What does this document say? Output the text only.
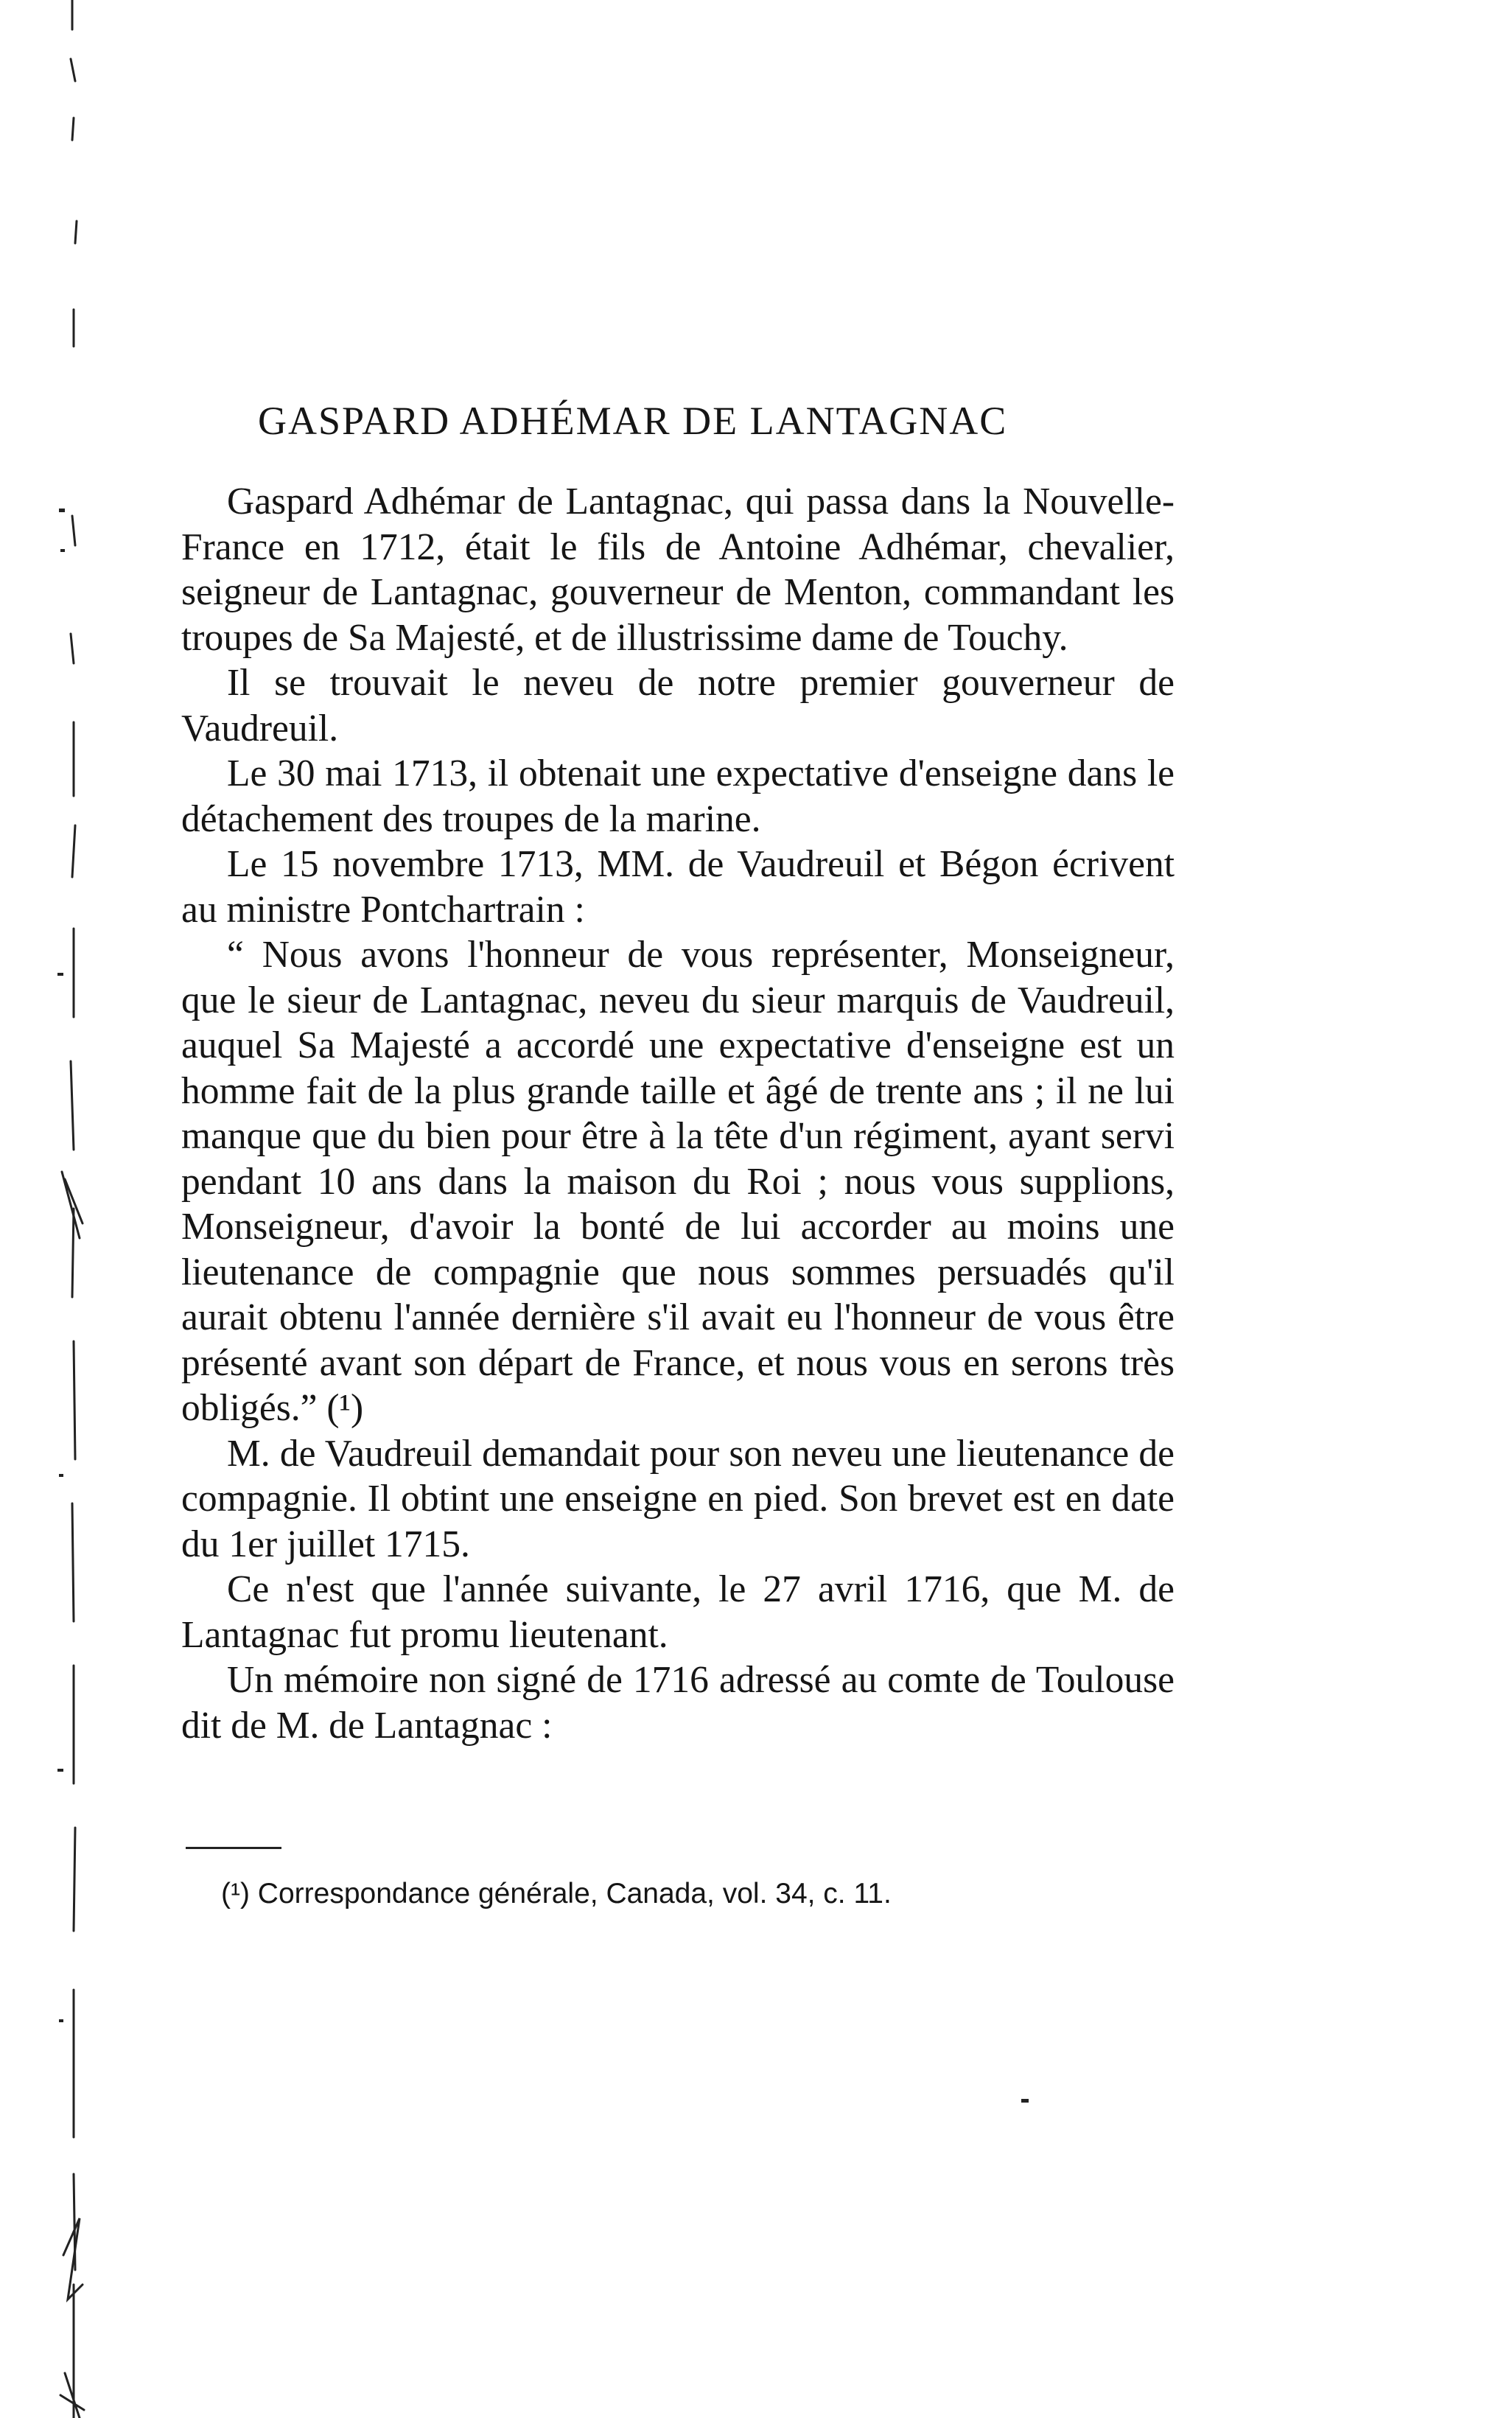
GASPARD ADHÉMAR DE LANTAGNAC

Gaspard Adhémar de Lantagnac, qui passa dans la Nouvelle-France en 1712, était le fils de Antoine Adhémar, chevalier, seigneur de Lantagnac, gouverneur de Menton, commandant les troupes de Sa Majesté, et de illustrissime dame de Touchy.

Il se trouvait le neveu de notre premier gouverneur de Vaudreuil.

Le 30 mai 1713, il obtenait une expectative d'enseigne dans le détachement des troupes de la marine.

Le 15 novembre 1713, MM. de Vaudreuil et Bégon écrivent au ministre Pontchartrain :

“ Nous avons l'honneur de vous représenter, Monseigneur, que le sieur de Lantagnac, neveu du sieur marquis de Vaudreuil, auquel Sa Majesté a accordé une expectative d'enseigne est un homme fait de la plus grande taille et âgé de trente ans ; il ne lui manque que du bien pour être à la tête d'un régiment, ayant servi pendant 10 ans dans la maison du Roi ; nous vous supplions, Monseigneur, d'avoir la bonté de lui accorder au moins une lieutenance de compagnie que nous sommes persuadés qu'il aurait obtenu l'année dernière s'il avait eu l'honneur de vous être présenté avant son départ de France, et nous vous en serons très obligés.” (¹)

M. de Vaudreuil demandait pour son neveu une lieutenance de compagnie. Il obtint une enseigne en pied. Son brevet est en date du 1er juillet 1715.

Ce n'est que l'année suivante, le 27 avril 1716, que M. de Lantagnac fut promu lieutenant.

Un mémoire non signé de 1716 adressé au comte de Toulouse dit de M. de Lantagnac :

(¹) Correspondance générale, Canada, vol. 34, c. 11.
